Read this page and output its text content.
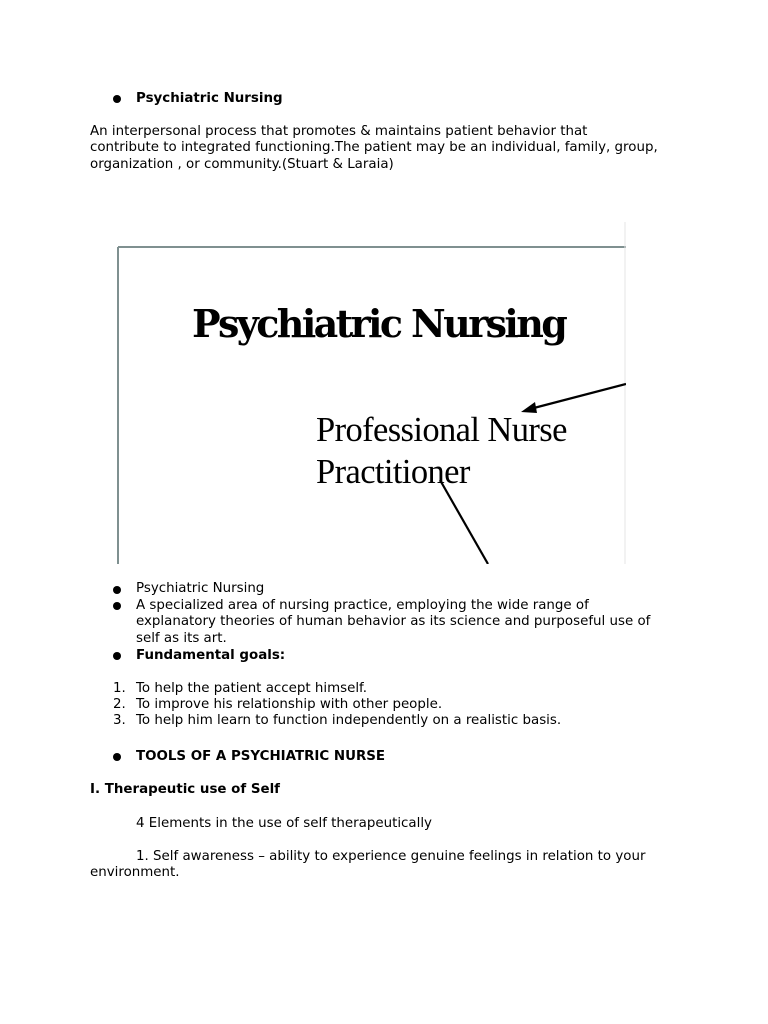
Psychiatric Nursing
An interpersonal process that promotes & maintains patient behavior that
contribute to integrated functioning.The patient may be an individual, family, group,
organization , or community.(Stuart & Laraia)
Psychiatric Nursing
Professional Nurse
Practitioner
Psychiatric Nursing
A specialized area of nursing practice, employing the wide range of
explanatory theories of human behavior as its science and purposeful use of
self as its art.
Fundamental goals:
1. To help the patient accept himself.
2. To improve his relationship with other people.
3. To help him learn to function independently on a realistic basis.
TOOLS OF A PSYCHIATRIC NURSE
I. Therapeutic use of Self
4 Elements in the use of self therapeutically
1. Self awareness – ability to experience genuine feelings in relation to your
environment.
